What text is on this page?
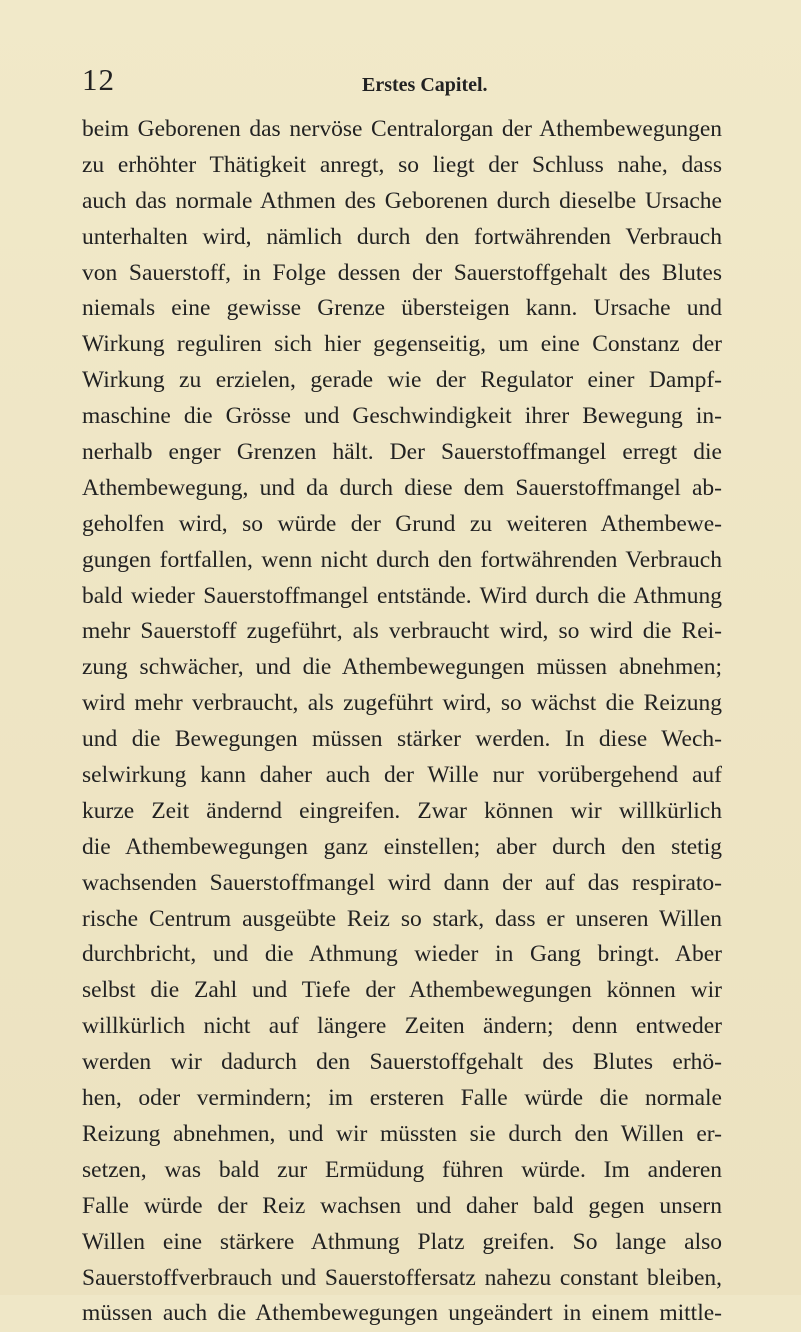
12	Erstes Capitel.
beim Geborenen das nervöse Centralorgan der Athembewegungen
zu erhöhter Thätigkeit anregt, so liegt der Schluss nahe, dass
auch das normale Athmen des Geborenen durch dieselbe Ursache
unterhalten wird, nämlich durch den fortwährenden Verbrauch
von Sauerstoff, in Folge dessen der Sauerstoffgehalt des Blutes
niemals eine gewisse Grenze übersteigen kann. Ursache und
Wirkung reguliren sich hier gegenseitig, um eine Constanz der
Wirkung zu erzielen, gerade wie der Regulator einer Dampf-
maschine die Grösse und Geschwindigkeit ihrer Bewegung in-
nerhalb enger Grenzen hält. Der Sauerstoffmangel erregt die
Athembewegung, und da durch diese dem Sauerstoffmangel ab-
geholfen wird, so würde der Grund zu weiteren Athembewe-
gungen fortfallen, wenn nicht durch den fortwährenden Verbrauch
bald wieder Sauerstoffmangel entstände. Wird durch die Athmung
mehr Sauerstoff zugeführt, als verbraucht wird, so wird die Rei-
zung schwächer, und die Athembewegungen müssen abnehmen;
wird mehr verbraucht, als zugeführt wird, so wächst die Reizung
und die Bewegungen müssen stärker werden. In diese Wech-
selwirkung kann daher auch der Wille nur vorübergehend auf
kurze Zeit ändernd eingreifen. Zwar können wir willkürlich
die Athembewegungen ganz einstellen; aber durch den stetig
wachsenden Sauerstoffmangel wird dann der auf das respirato-
rische Centrum ausgeübte Reiz so stark, dass er unseren Willen
durchbricht, und die Athmung wieder in Gang bringt. Aber
selbst die Zahl und Tiefe der Athembewegungen können wir
willkürlich nicht auf längere Zeiten ändern; denn entweder
werden wir dadurch den Sauerstoffgehalt des Blutes erhö-
hen, oder vermindern; im ersteren Falle würde die normale
Reizung abnehmen, und wir müssten sie durch den Willen er-
setzen, was bald zur Ermüdung führen würde. Im anderen
Falle würde der Reiz wachsen und daher bald gegen unsern
Willen eine stärkere Athmung Platz greifen. So lange also
Sauerstoffverbrauch und Sauerstoffersatz nahezu constant bleiben,
müssen auch die Athembewegungen ungeändert in einem mittle-
